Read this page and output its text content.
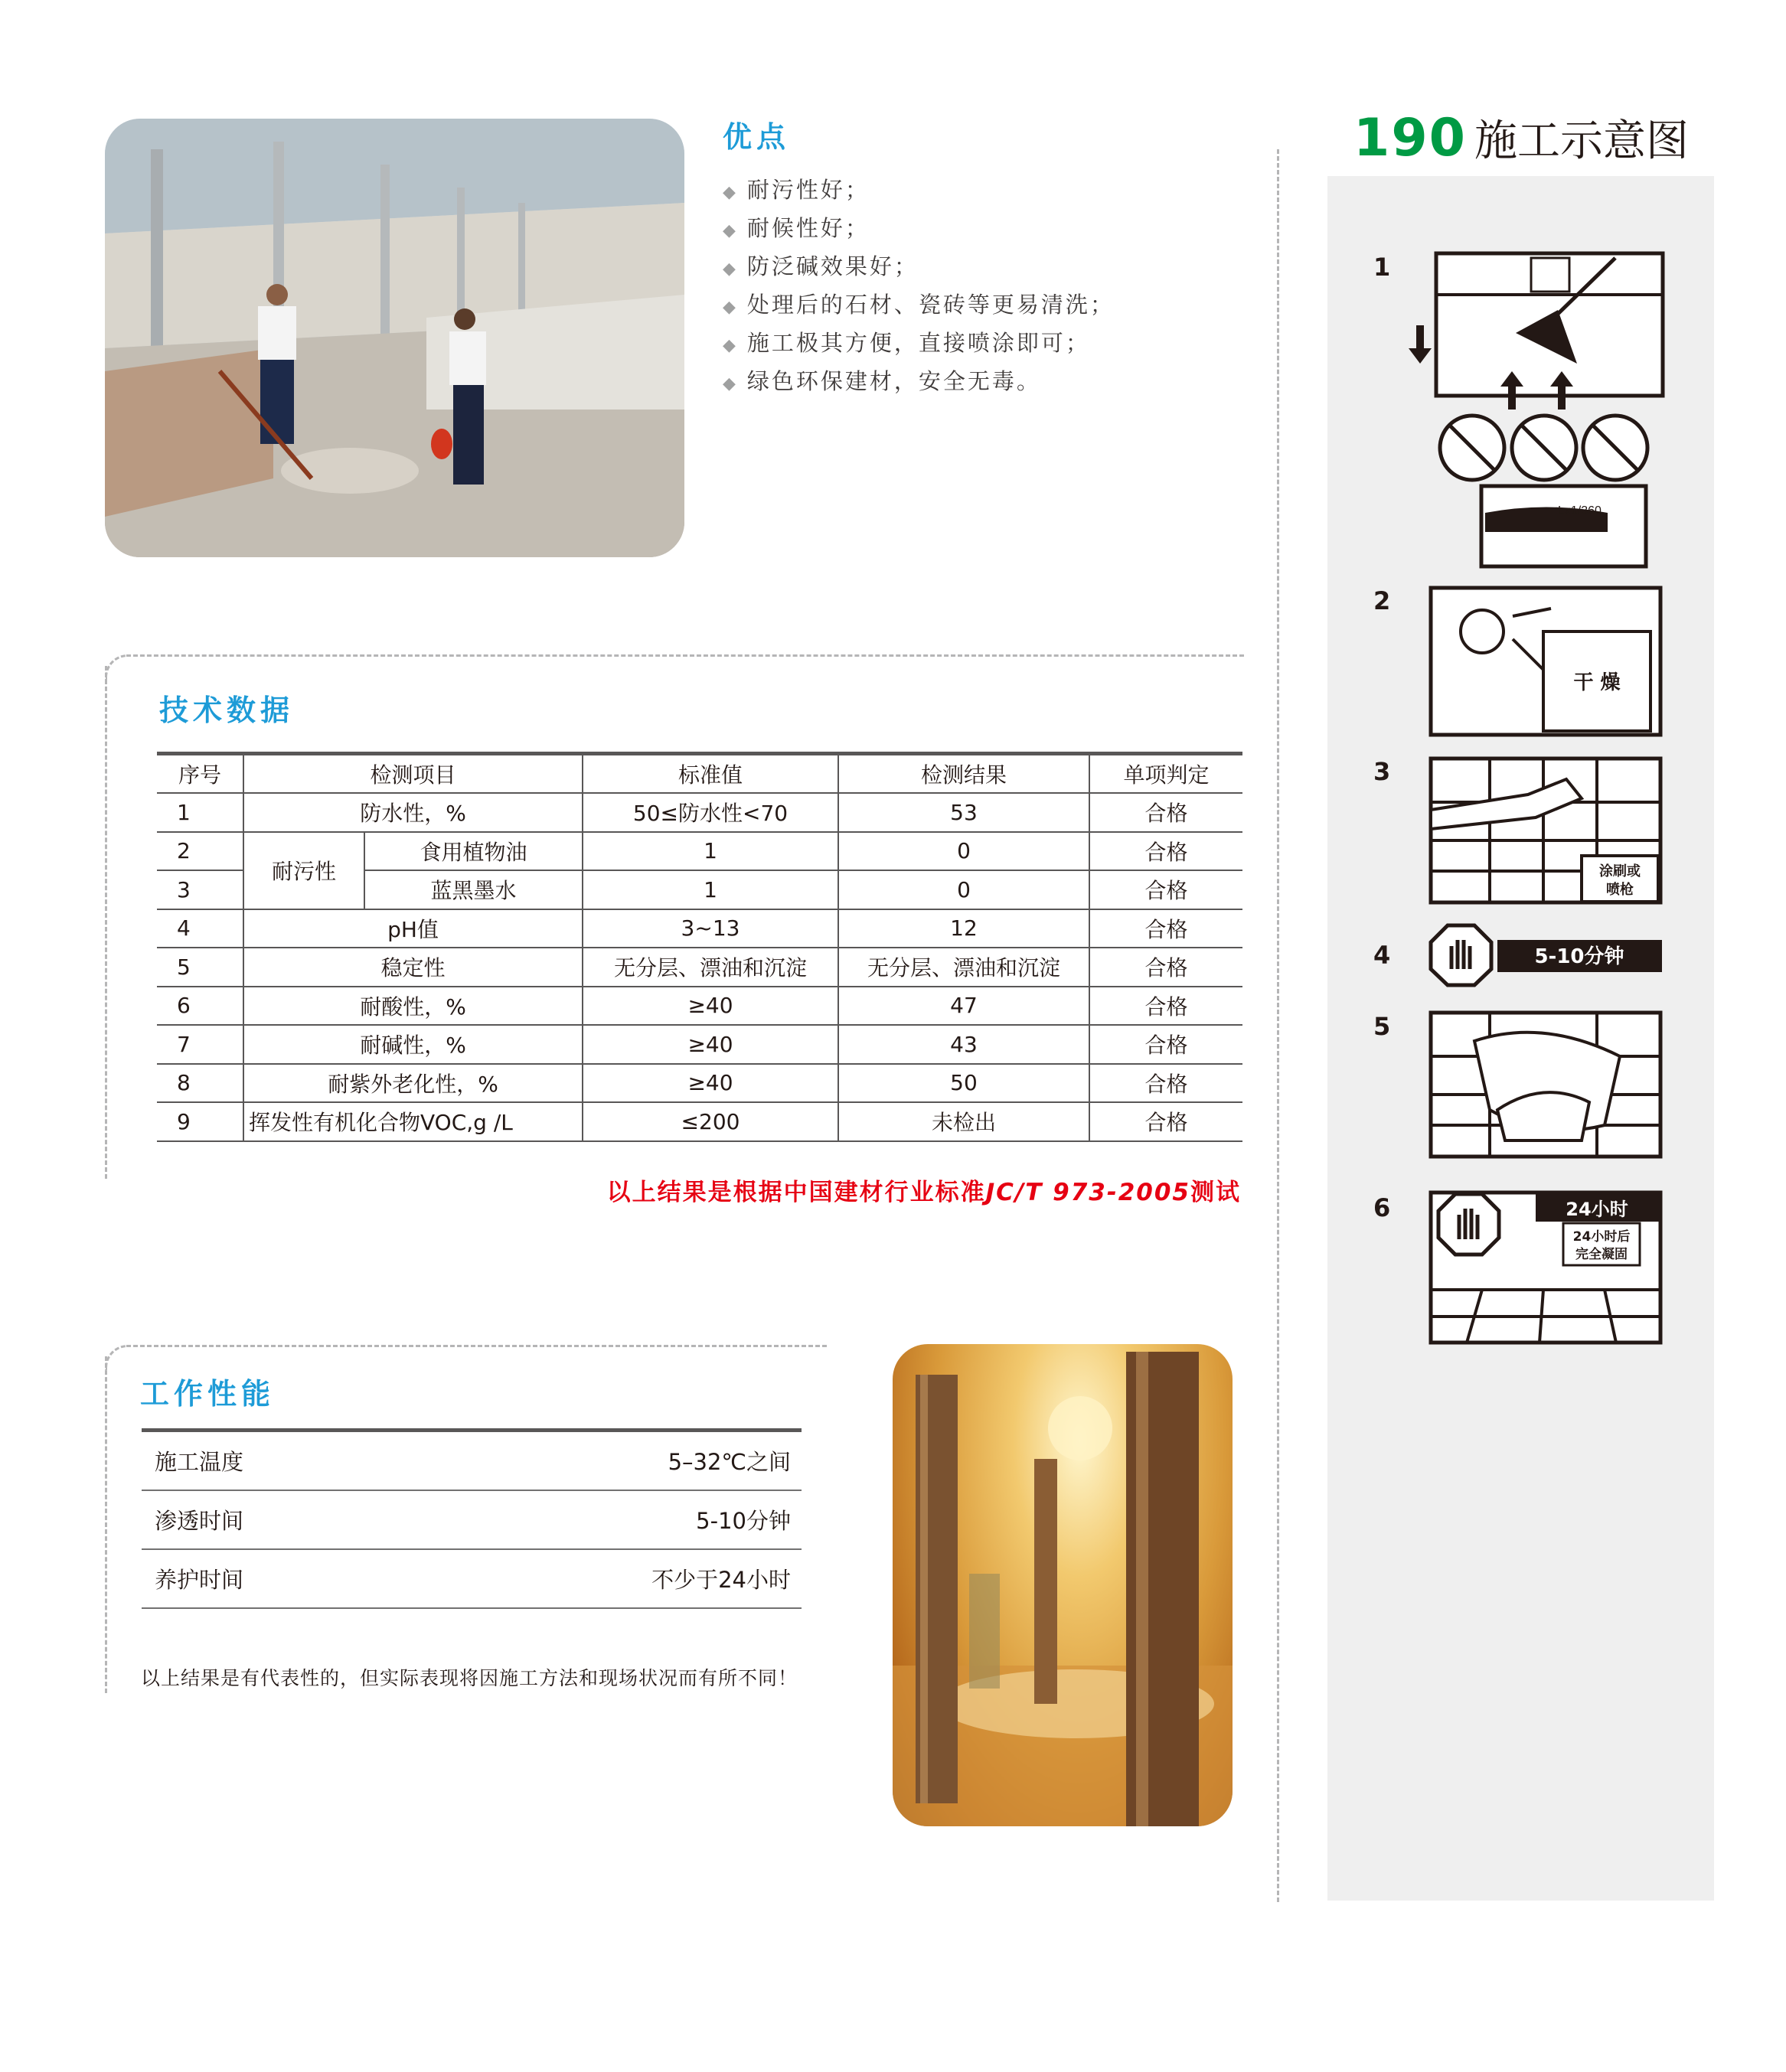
优点
◆ 耐污性好；
◆ 耐候性好；
◆ 防泛碱效果好；
◆ 处理后的石材、瓷砖等更易清洗；
◆ 施工极其方便，直接喷涂即可；
◆ 绿色环保建材，安全无毒。
技术数据
序号	检测项目		标准值	检测结果	单项判定
1	防水性，%		50≤防水性<70	53	合格
2	耐污性	食用植物油	1	0	合格
3		蓝黑墨水	1	0	合格
4	pH值		3~13	12	合格
5	稳定性		无分层、漂油和沉淀	无分层、漂油和沉淀	合格
6	耐酸性，%		≥40	47	合格
7	耐碱性，%		≥40	43	合格
8	耐紫外老化性，%		≥40	50	合格
9	挥发性有机化合物VOC,g /L		≤200	未检出	合格
以上结果是根据中国建材行业标准JC/T 973-2005测试
工作性能
施工温度	5–32℃之间
渗透时间	5-10分钟
养护时间	不少于24小时
以上结果是有代表性的，但实际表现将因施工方法和现场状况而有所不同！
190 施工示意图
1
2
3
4
5
6
Lx1/360
干 燥
涂刷或
喷枪
5-10分钟
24小时
24小时后
完全凝固
